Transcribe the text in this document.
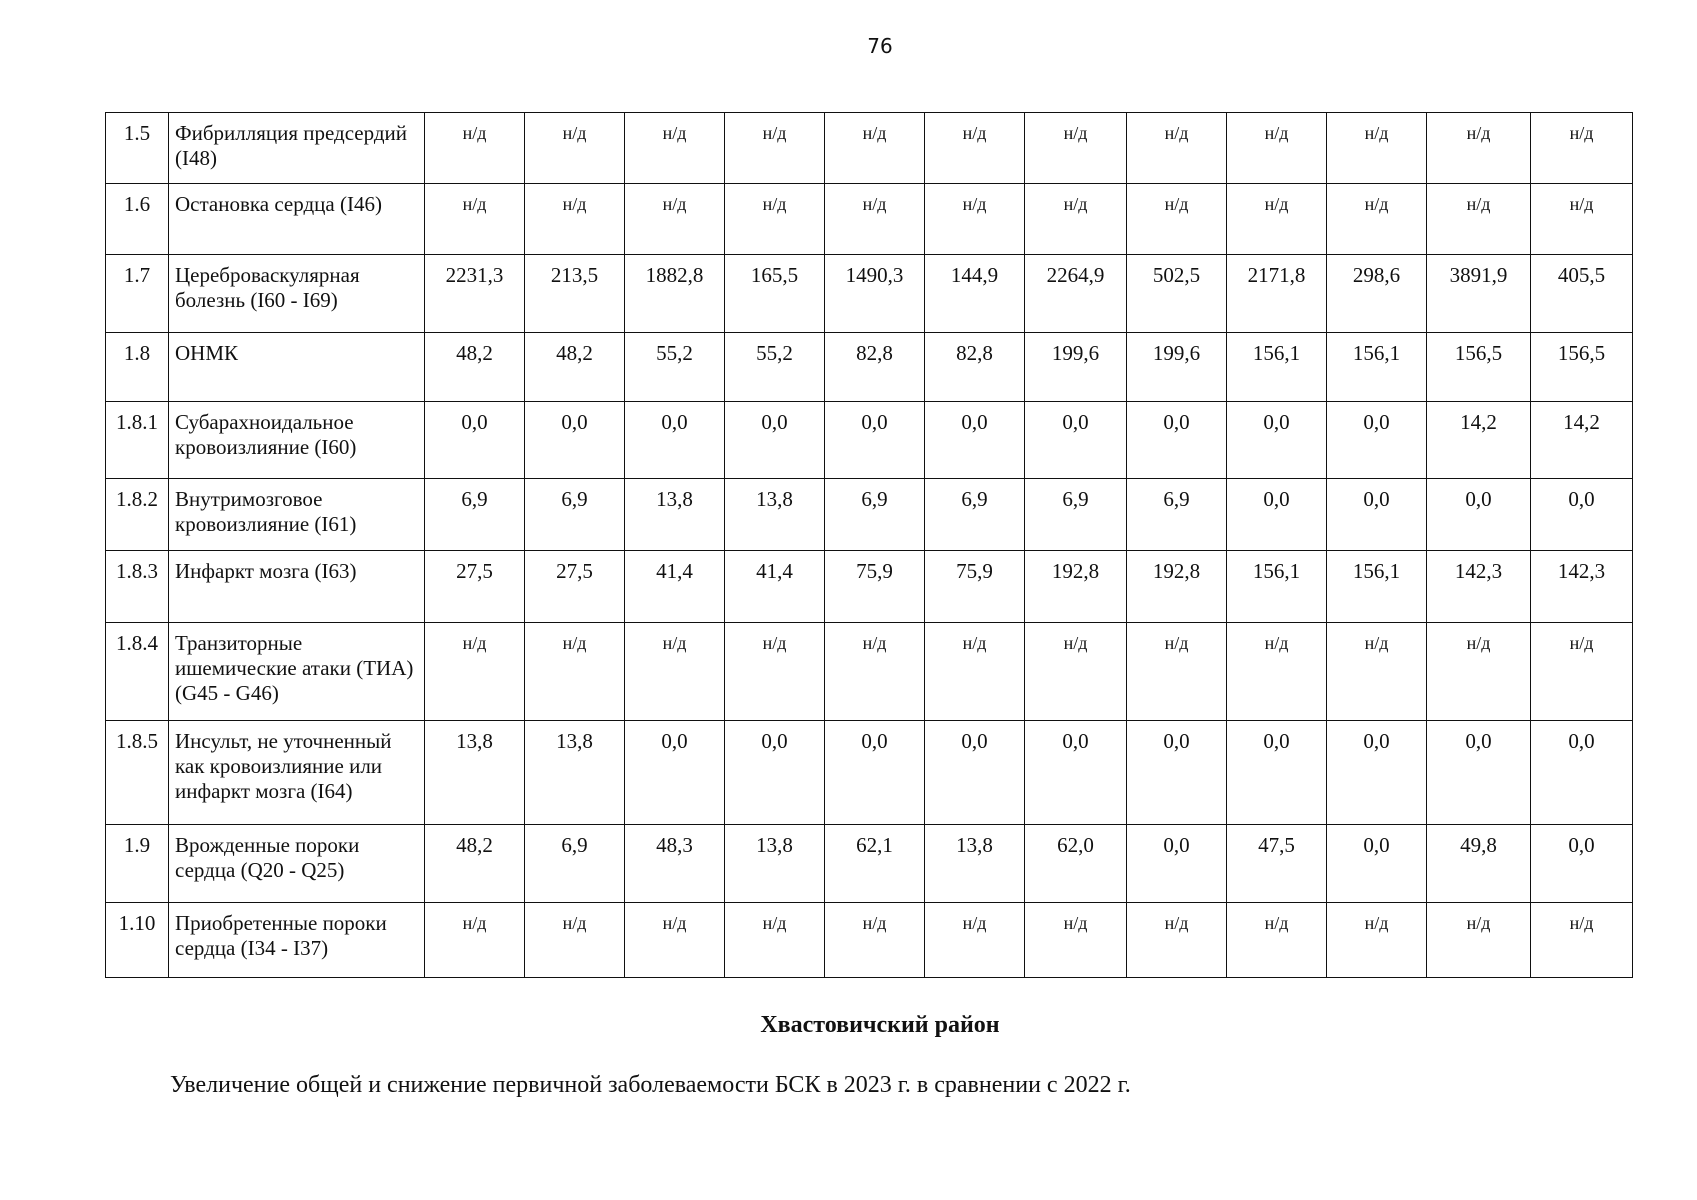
76
1.5	Фибрилляция предсердий (I48)	н/д	н/д	н/д	н/д	н/д	н/д	н/д	н/д	н/д	н/д	н/д	н/д
1.6	Остановка сердца (I46)	н/д	н/д	н/д	н/д	н/д	н/д	н/д	н/д	н/д	н/д	н/д	н/д
1.7	Цереброваскулярная болезнь (I60 - I69)	2231,3	213,5	1882,8	165,5	1490,3	144,9	2264,9	502,5	2171,8	298,6	3891,9	405,5
1.8	ОНМК	48,2	48,2	55,2	55,2	82,8	82,8	199,6	199,6	156,1	156,1	156,5	156,5
1.8.1	Субарахноидальное кровоизлияние (I60)	0,0	0,0	0,0	0,0	0,0	0,0	0,0	0,0	0,0	0,0	14,2	14,2
1.8.2	Внутримозговое кровоизлияние (I61)	6,9	6,9	13,8	13,8	6,9	6,9	6,9	6,9	0,0	0,0	0,0	0,0
1.8.3	Инфаркт мозга (I63)	27,5	27,5	41,4	41,4	75,9	75,9	192,8	192,8	156,1	156,1	142,3	142,3
1.8.4	Транзиторные ишемические атаки (ТИА) (G45 - G46)	н/д	н/д	н/д	н/д	н/д	н/д	н/д	н/д	н/д	н/д	н/д	н/д
1.8.5	Инсульт, не уточненный как кровоизлияние или инфаркт мозга (I64)	13,8	13,8	0,0	0,0	0,0	0,0	0,0	0,0	0,0	0,0	0,0	0,0
1.9	Врожденные пороки сердца (Q20 - Q25)	48,2	6,9	48,3	13,8	62,1	13,8	62,0	0,0	47,5	0,0	49,8	0,0
1.10	Приобретенные пороки сердца (I34 - I37)	н/д	н/д	н/д	н/д	н/д	н/д	н/д	н/д	н/д	н/д	н/д	н/д
Хвастовичский район
Увеличение общей и снижение первичной заболеваемости БСК в 2023 г. в сравнении с 2022 г.
